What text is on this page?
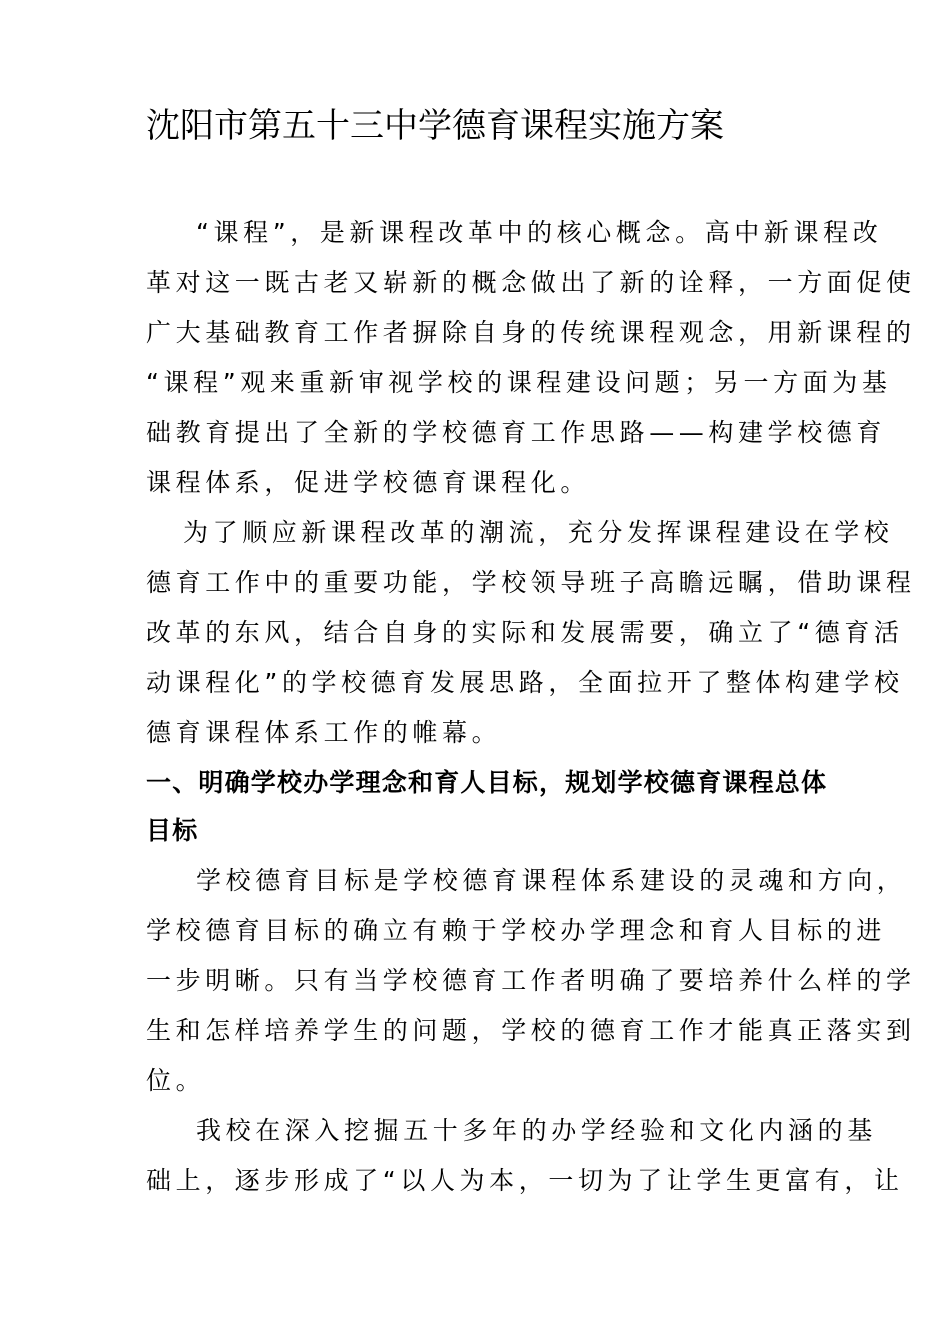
沈阳市第五十三中学德育课程实施方案
“课程”，是新课程改革中的核心概念。高中新课程改
革对这一既古老又崭新的概念做出了新的诠释，一方面促使
广大基础教育工作者摒除自身的传统课程观念，用新课程的
“课程”观来重新审视学校的课程建设问题；另一方面为基
础教育提出了全新的学校德育工作思路——构建学校德育
课程体系，促进学校德育课程化。
为了顺应新课程改革的潮流，充分发挥课程建设在学校
德育工作中的重要功能，学校领导班子高瞻远瞩，借助课程
改革的东风，结合自身的实际和发展需要，确立了“德育活
动课程化”的学校德育发展思路，全面拉开了整体构建学校
德育课程体系工作的帷幕。
一、明确学校办学理念和育人目标，规划学校德育课程总体
目标
学校德育目标是学校德育课程体系建设的灵魂和方向，
学校德育目标的确立有赖于学校办学理念和育人目标的进
一步明晰。只有当学校德育工作者明确了要培养什么样的学
生和怎样培养学生的问题，学校的德育工作才能真正落实到
位。
我校在深入挖掘五十多年的办学经验和文化内涵的基
础上，逐步形成了“以人为本，一切为了让学生更富有，让
